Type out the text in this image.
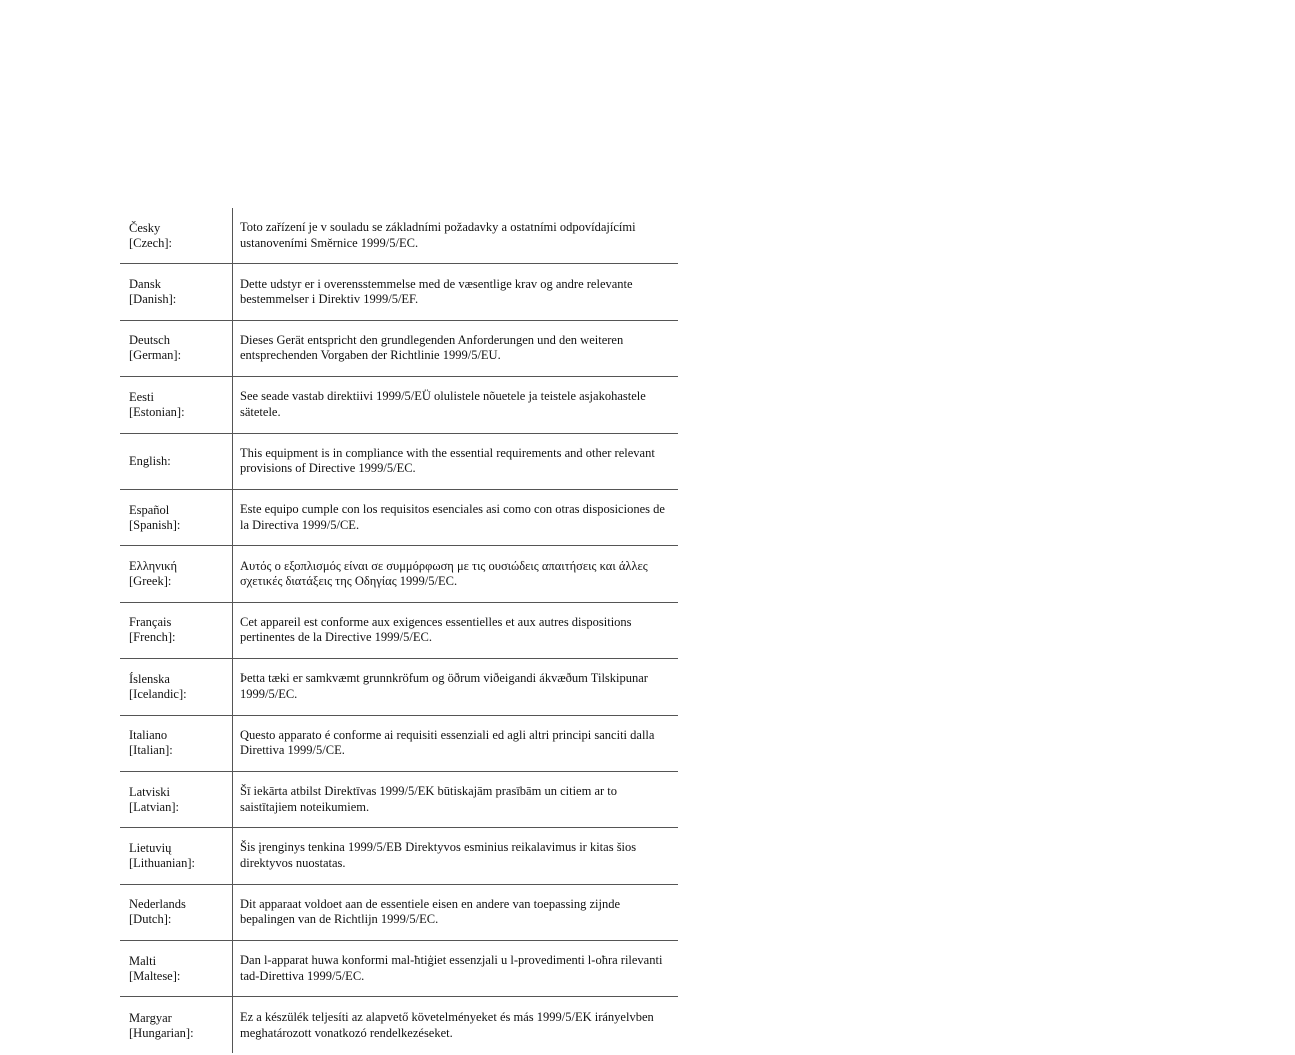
Česky
[Czech]:
Toto zařízení je v souladu se základními požadavky a ostatními odpovídajícími ustanoveními Směrnice 1999/5/EC.
Dansk
[Danish]:
Dette udstyr er i overensstemmelse med de væsentlige krav og andre relevante bestemmelser i Direktiv 1999/5/EF.
Deutsch
[German]:
Dieses Gerät entspricht den grundlegenden Anforderungen und den weiteren entsprechenden Vorgaben der Richtlinie 1999/5/EU.
Eesti
[Estonian]:
See seade vastab direktiivi 1999/5/EÜ olulistele nõuetele ja teistele asjakohastele sätetele.
English:
This equipment is in compliance with the essential requirements and other relevant provisions of Directive 1999/5/EC.
Español
[Spanish]:
Este equipo cumple con los requisitos esenciales asi como con otras disposiciones de la Directiva 1999/5/CE.
Ελληνική
[Greek]:
Αυτός ο εξοπλισμός είναι σε συμμόρφωση με τις ουσιώδεις απαιτήσεις και άλλες σχετικές διατάξεις της Οδηγίας 1999/5/EC.
Français
[French]:
Cet appareil est conforme aux exigences essentielles et aux autres dispositions pertinentes de la Directive 1999/5/EC.
Íslenska
[Icelandic]:
Þetta tæki er samkvæmt grunnkröfum og öðrum viðeigandi ákvæðum Tilskipunar 1999/5/EC.
Italiano
[Italian]:
Questo apparato é conforme ai requisiti essenziali ed agli altri principi sanciti dalla Direttiva 1999/5/CE.
Latviski
[Latvian]:
Šī iekārta atbilst Direktīvas 1999/5/EK būtiskajām prasībām un citiem ar to saistītajiem noteikumiem.
Lietuvių
[Lithuanian]:
Šis įrenginys tenkina 1999/5/EB Direktyvos esminius reikalavimus ir kitas šios direktyvos nuostatas.
Nederlands
[Dutch]:
Dit apparaat voldoet aan de essentiele eisen en andere van toepassing zijnde bepalingen van de Richtlijn 1999/5/EC.
Malti
[Maltese]:
Dan l-apparat huwa konformi mal-ħtiġiet essenzjali u l-provedimenti l-oħra rilevanti tad-Direttiva 1999/5/EC.
Margyar
[Hungarian]:
Ez a készülék teljesíti az alapvető követelményeket és más 1999/5/EK irányelvben meghatározott vonatkozó rendelkezéseket.
